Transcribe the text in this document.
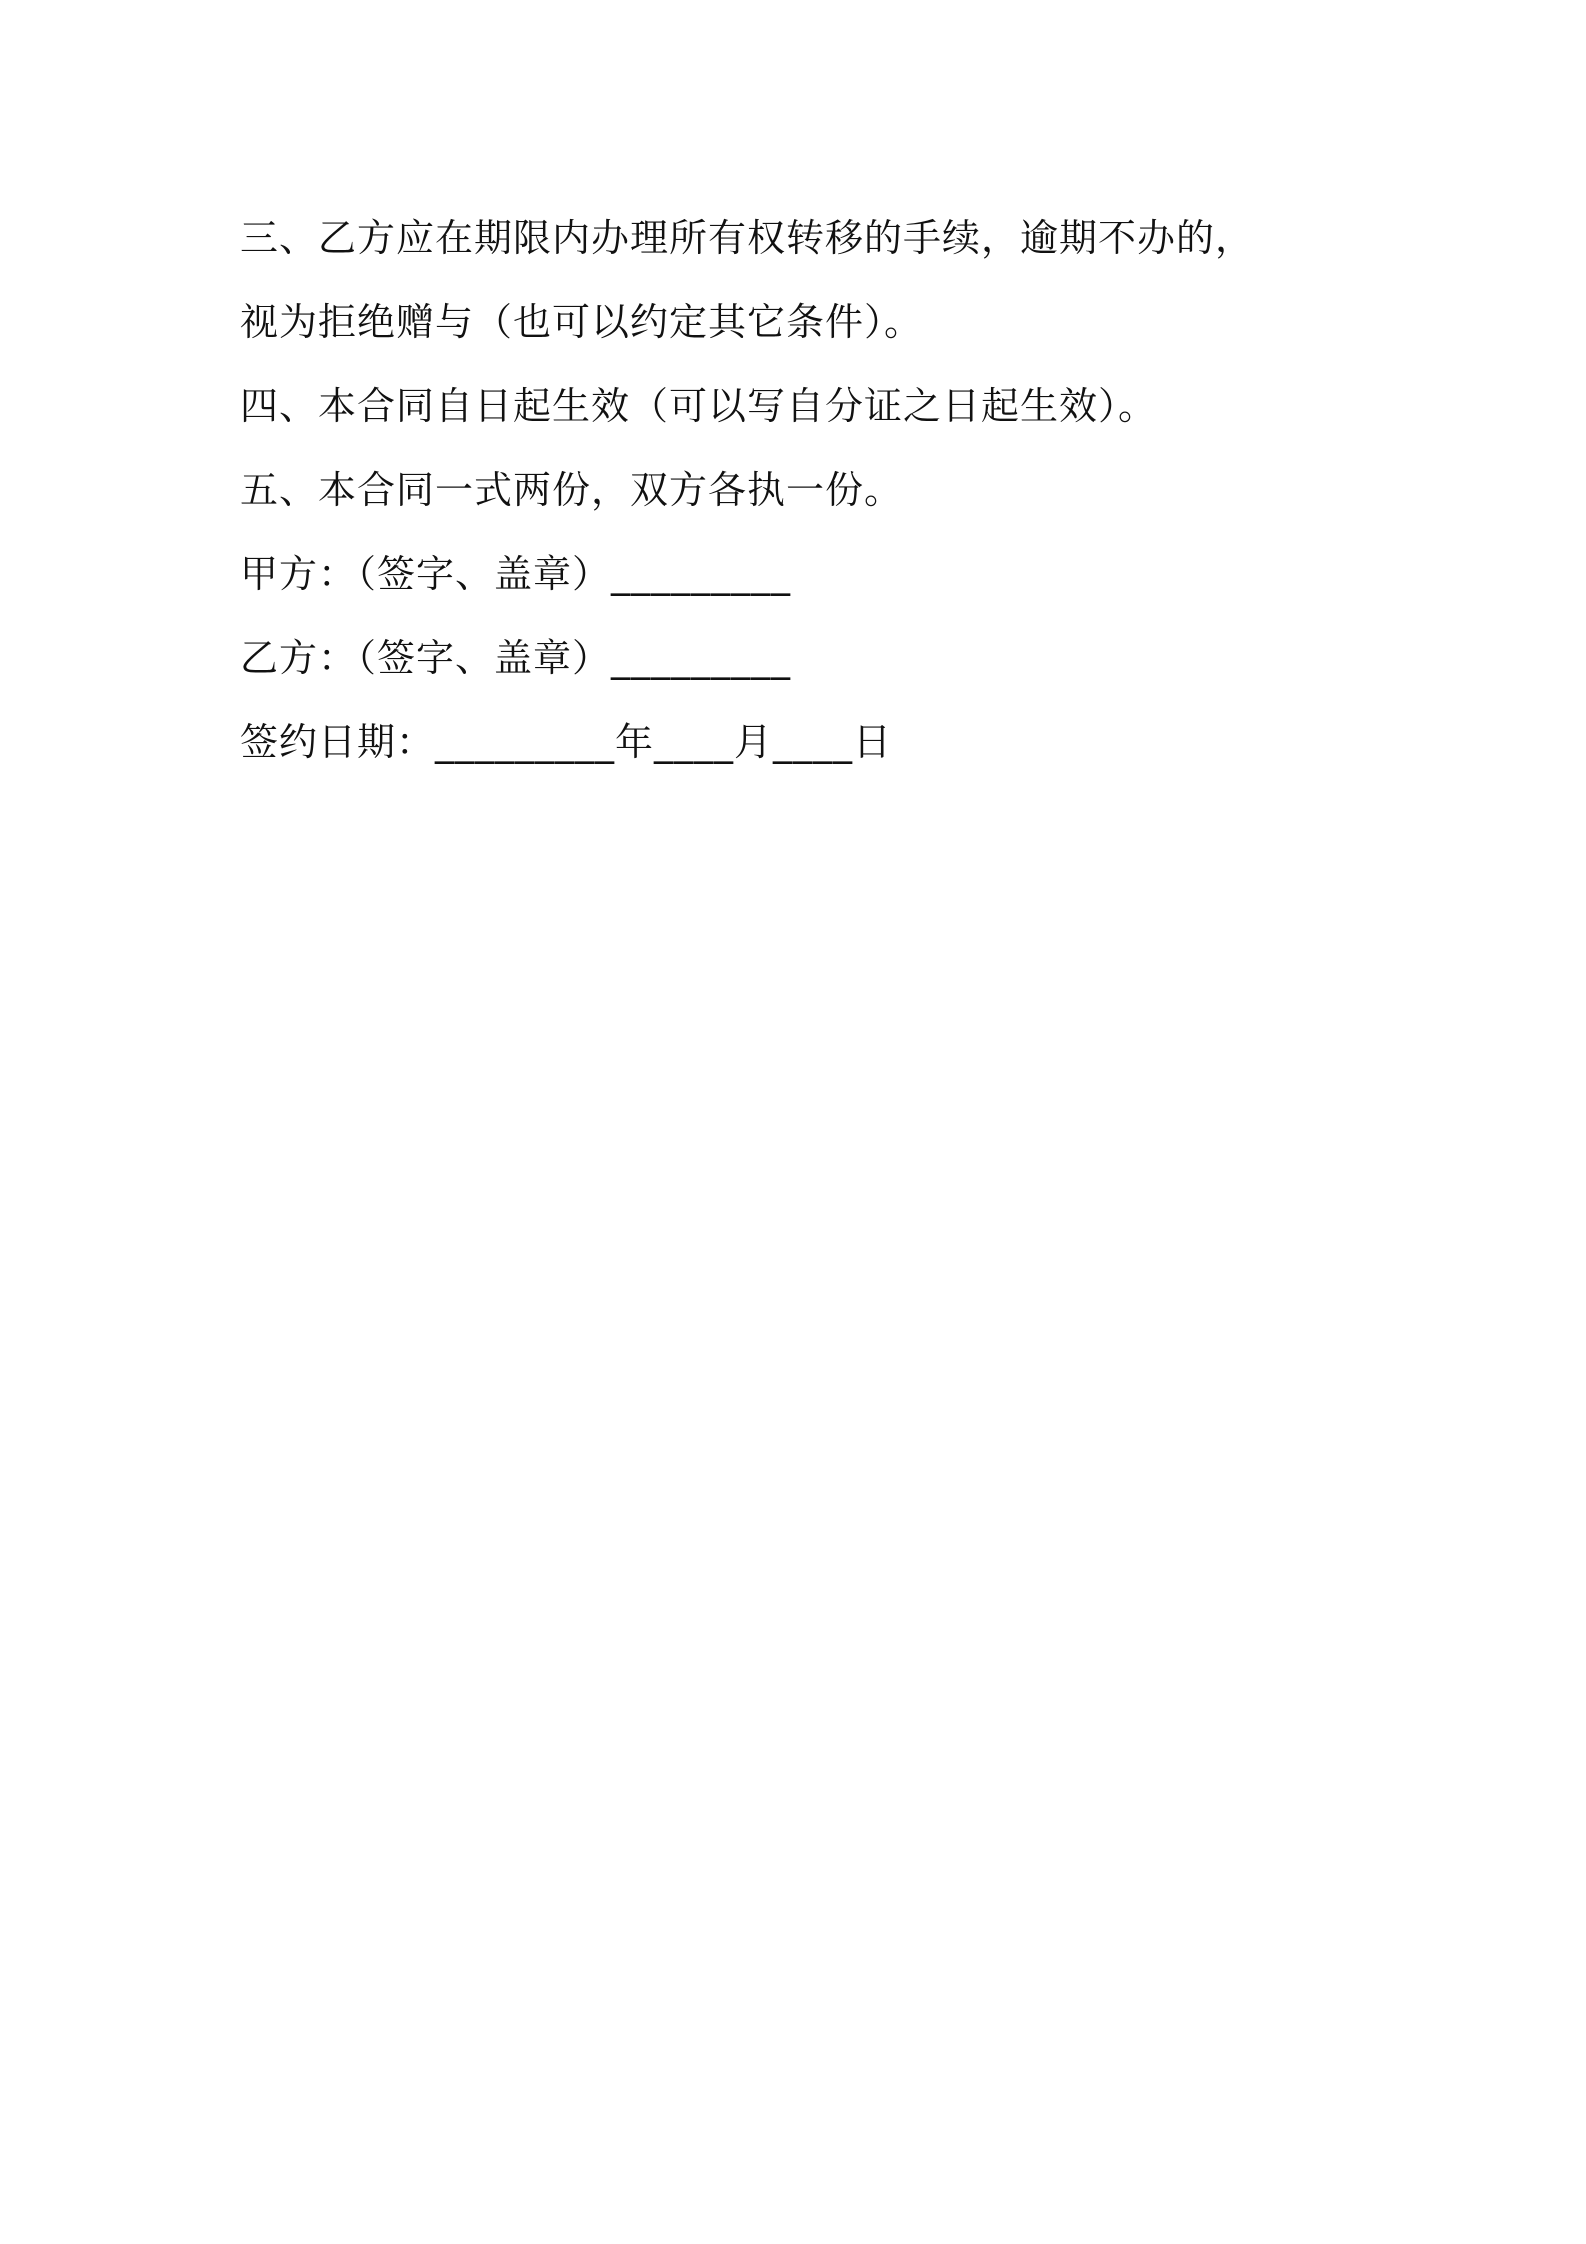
三、乙方应在期限内办理所有权转移的手续，逾期不办的，
视为拒绝赠与（也可以约定其它条件）。
四、本合同自日起生效（可以写自分证之日起生效）。
五、本合同一式两份，双方各执一份。
甲方：（签字、盖章）_________
乙方：（签字、盖章）_________
签约日期：_________年____月____日
